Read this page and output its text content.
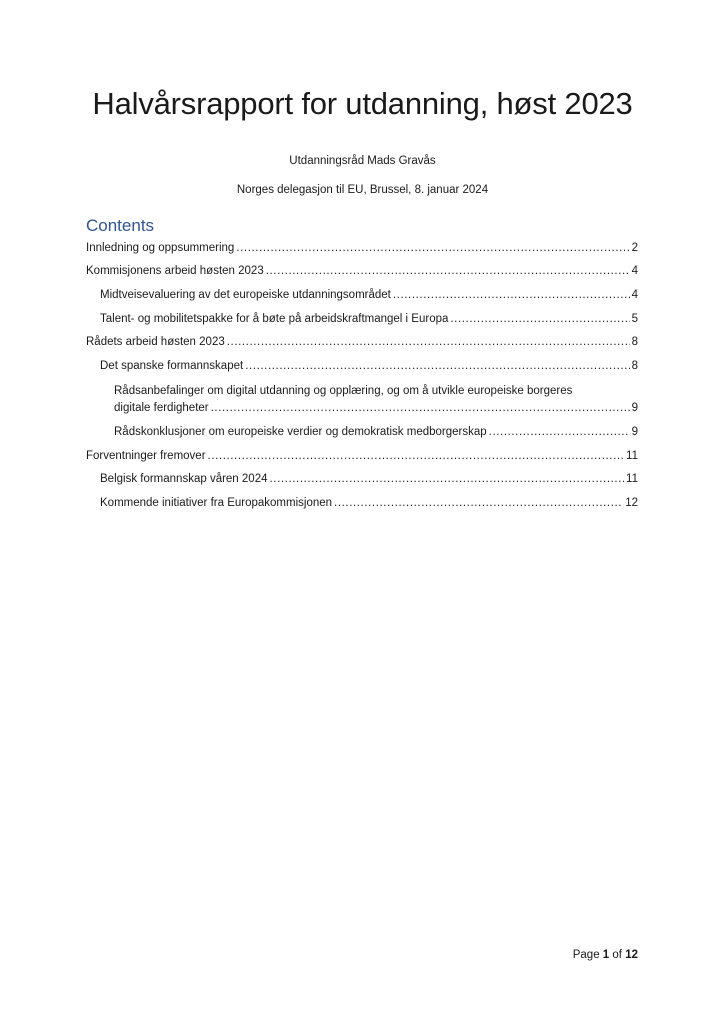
Halvårsrapport for utdanning, høst 2023
Utdanningsråd Mads Gravås
Norges delegasjon til EU, Brussel, 8. januar 2024
Contents
Innledning og oppsummering . . .	2
Kommisjonens arbeid høsten 2023 . . .	4
Midtveisevaluering av det europeiske utdanningsområdet . . .	4
Talent- og mobilitetspakke for å bøte på arbeidskraftmangel i Europa . . .	5
Rådets arbeid høsten 2023 . . .	8
Det spanske formannskapet . . .	8
Rådsanbefalinger om digital utdanning og opplæring, og om å utvikle europeiske borgeres
digitale ferdigheter . . .	9
Rådskonklusjoner om europeiske verdier og demokratisk medborgerskap . . .	9
Forventninger fremover . . .	11
Belgisk formannskap våren 2024 . . .	11
Kommende initiativer fra Europakommisjonen . . .	12
Page 1 of 12
